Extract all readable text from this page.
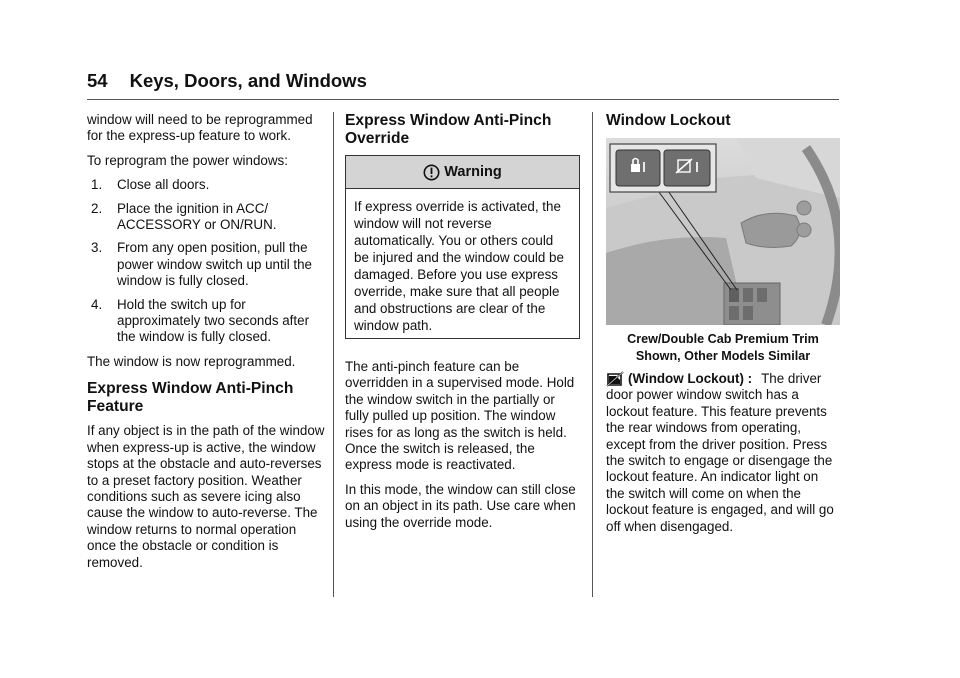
54 Keys, Doors, and Windows

window will need to be reprogrammed for the express-up feature to work.

To reprogram the power windows:

1. Close all doors.
2. Place the ignition in ACC/ ACCESSORY or ON/RUN.
3. From any open position, pull the power window switch up until the window is fully closed.
4. Hold the switch up for approximately two seconds after the window is fully closed.

The window is now reprogrammed.

Express Window Anti-Pinch Feature

If any object is in the path of the window when express-up is active, the window stops at the obstacle and auto-reverses to a preset factory position. Weather conditions such as severe icing also cause the window to auto-reverse. The window returns to normal operation once the obstacle or condition is removed.

Express Window Anti-Pinch Override
Warning
If express override is activated, the window will not reverse automatically. You or others could be injured and the window could be damaged. Before you use express override, make sure that all people and obstructions are clear of the window path.

The anti-pinch feature can be overridden in a supervised mode. Hold the window switch in the partially or fully pulled up position. The window rises for as long as the switch is held. Once the switch is released, the express mode is reactivated.

In this mode, the window can still close on an object in its path. Use care when using the override mode.

Window Lockout
Crew/Double Cab Premium Trim Shown, Other Models Similar
(Window Lockout) : The driver

door power window switch has a lockout feature. This feature prevents the rear windows from operating, except from the driver position. Press the switch to engage or disengage the lockout feature. An indicator light on the switch will come on when the lockout feature is engaged, and will go off when disengaged.
